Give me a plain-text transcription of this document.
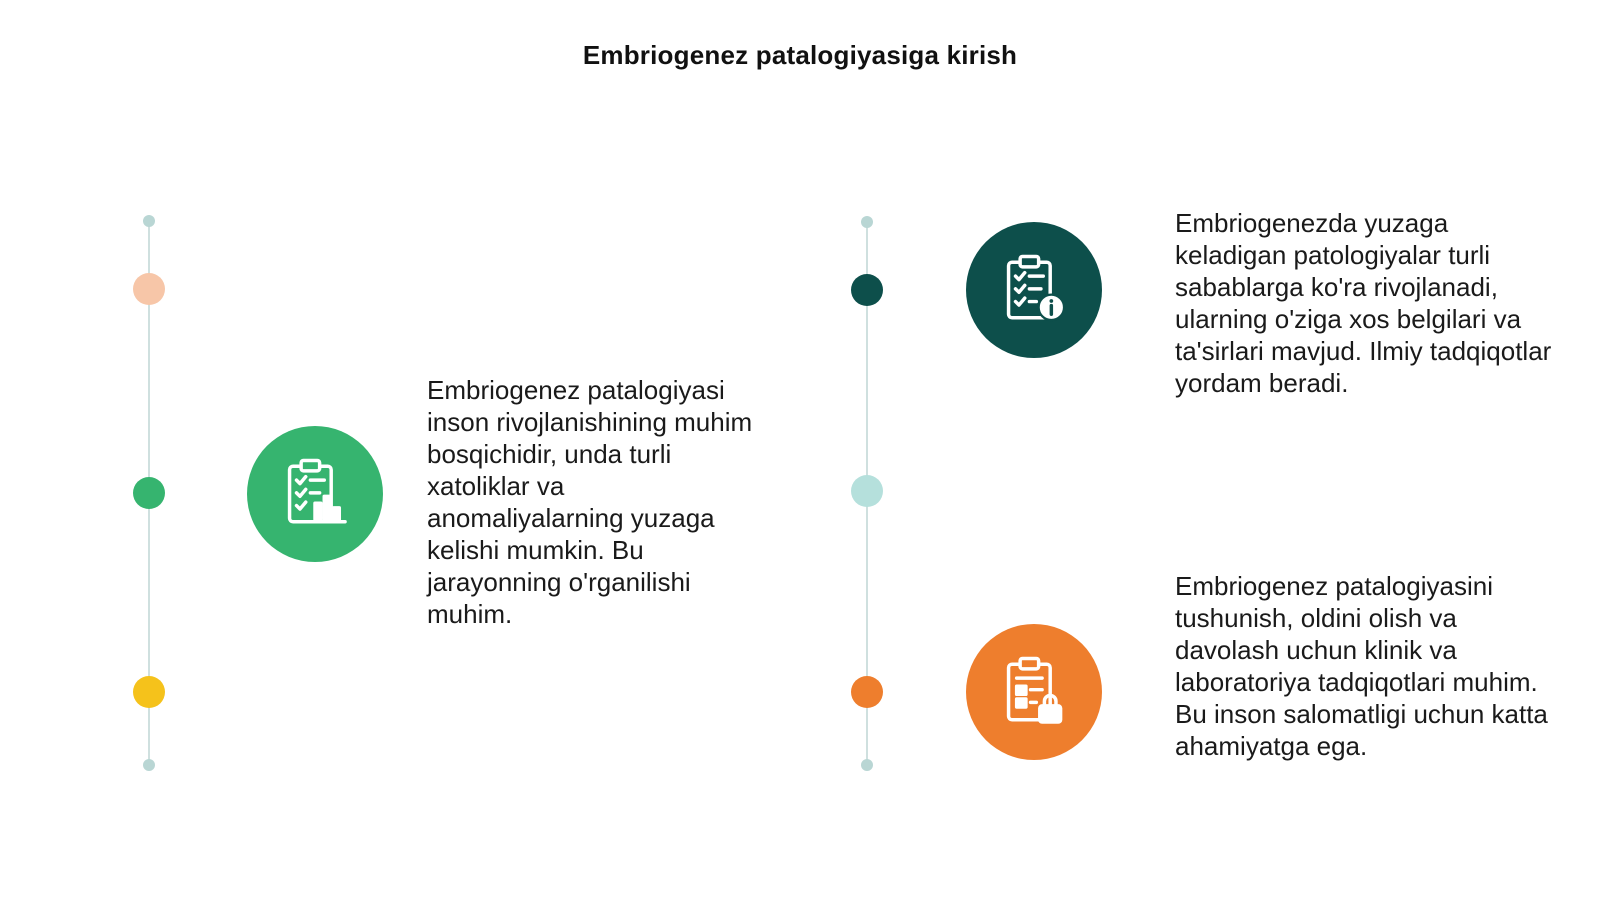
Embriogenez patalogiyasiga kirish
Embriogenez patalogiyasi inson rivojlanishining muhim bosqichidir, unda turli xatoliklar va anomaliyalarning yuzaga kelishi mumkin. Bu jarayonning o'rganilishi muhim.
Embriogenezda yuzaga keladigan patologiyalar turli sabablarga ko'ra rivojlanadi, ularning o'ziga xos belgilari va ta'sirlari mavjud. Ilmiy tadqiqotlar yordam beradi.
Embriogenez patalogiyasini tushunish, oldini olish va davolash uchun klinik va laboratoriya tadqiqotlari muhim. Bu inson salomatligi uchun katta ahamiyatga ega.
